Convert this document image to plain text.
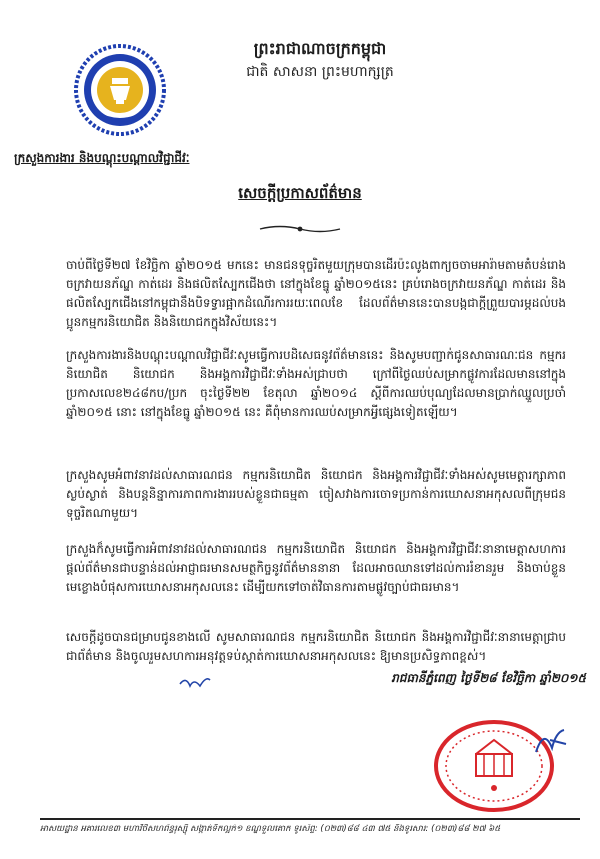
ព្រះរាជាណាចក្រកម្ពុជា
ជាតិ សាសនា ព្រះមហាក្សត្រ
ក្រសួងការងារ និងបណ្តុះបណ្តាលវិជ្ជាជីវៈ
សេចក្តីប្រកាសព័ត៌មាន
ចាប់ពីថ្ងៃទី២៧ ខែវិច្ឆិកា ឆ្នាំ២០១៥ មកនេះ មានជនទុច្ចរិតមួយក្រុមបានដើរប៉ះលូងពាក្យចចាមអារ៉ាមតាមតំបន់រោងចក្រវាយនភ័ណ្ឌ កាត់ដេរ និងផលិតស្បែកជើងថា នៅក្នុងខែធ្នូ ឆ្នាំ២០១៥នេះ គ្រប់រោងចក្រវាយនភ័ណ្ឌ កាត់ដេរ និងផលិតស្បែកជើងនៅកម្ពុជានឹងបិទទ្វារផ្អាកដំណើរការរយៈពេលខែ ដែលព័ត៌មាននេះបានបង្កជាក្តីព្រួយបារម្ភដល់បងប្អូនកម្មករនិយោជិត និងនិយោជកក្នុងវិស័យនេះ។
ក្រសួងការងារនិងបណ្តុះបណ្តាលវិជ្ជាជីវៈសូមធ្វើការបដិសេធនូវព័ត៌មាននេះ និងសូមបញ្ជាក់ជូនសាធារណៈជន កម្មករនិយោជិត និយោជក និងអង្គការវិជ្ជាជីវៈទាំងអស់ជ្រាបថា ក្រៅពីថ្ងៃឈប់សម្រាកផ្លូវការដែលមាននៅក្នុងប្រកាសលេខ២៤៨កប/ប្រក ចុះថ្ងៃទី២២ ខែតុលា ឆ្នាំ២០១៤ ស្តីពីការឈប់បុណ្យដែលមានប្រាក់ឈ្នួលប្រចាំឆ្នាំ២០១៥ នោះ នៅក្នុងខែធ្នូ ឆ្នាំ២០១៥ នេះ គឺពុំមានការឈប់សម្រាកអ្វីផ្សេងទៀតឡើយ។
ក្រសួងសូមអំពាវនាវដល់សាធារណជន កម្មករនិយោជិត និយោជក និងអង្គការវិជ្ជាជីវៈទាំងអស់សូមមេត្តារក្សាភាពស្ងប់ស្ងាត់ និងបន្តនិន្នាការភាពការងាររបស់ខ្លួនជាធម្មតា ចៀសវាងការចោទប្រកាន់ការឃោសនាអកុសលពីក្រុមជនទុច្ចរិតណាមួយ។
ក្រសួងក៏សូមធ្វើការអំពាវនាវដល់សាធារណជន កម្មករនិយោជិត និយោជក និងអង្គការវិជ្ជាជីវៈនានាមេត្តាសហការផ្តល់ព័ត៌មានជាបន្ទាន់ដល់អាជ្ញាធរមានសមត្ថកិច្ចនូវព័ត៌មាននានា ដែលអាចឈានទៅដល់ការរំខានរួម និងចាប់ខ្លួនមេខ្លោងបំផុសការឃោសនាអកុសលនេះ ដើម្បីយកទៅចាត់វិធានការតាមផ្លូវច្បាប់ជាធរមាន។
សេចក្តីដូចបានជម្រាបជូនខាងលើ សូមសាធារណជន កម្មករនិយោជិត និយោជក និងអង្គការវិជ្ជាជីវៈនានាមេត្តាជ្រាបជាព័ត៌មាន និងចូលរួមសហការអនុវត្តទប់ស្កាត់ការឃោសនាអកុសលនេះ ឱ្យមានប្រសិទ្ធភាពខ្ពស់។
រាជធានីភ្នំពេញ ថ្ងៃទី២៨ ខែវិច្ឆិកា ឆ្នាំ២០១៥
អាសយដ្ឋាន អគារលេខ៣ មហាវិថីសហព័ន្ធរុស្ស៊ី សង្កាត់ទឹកល្អក់១ ខណ្ឌទួលគោក ទូរស័ព្ទ: (០២៣)៨៨ ៤៣ ៧៥ និងទូរសារ: (០២៣)៨៨ ២៧ ៦៥
